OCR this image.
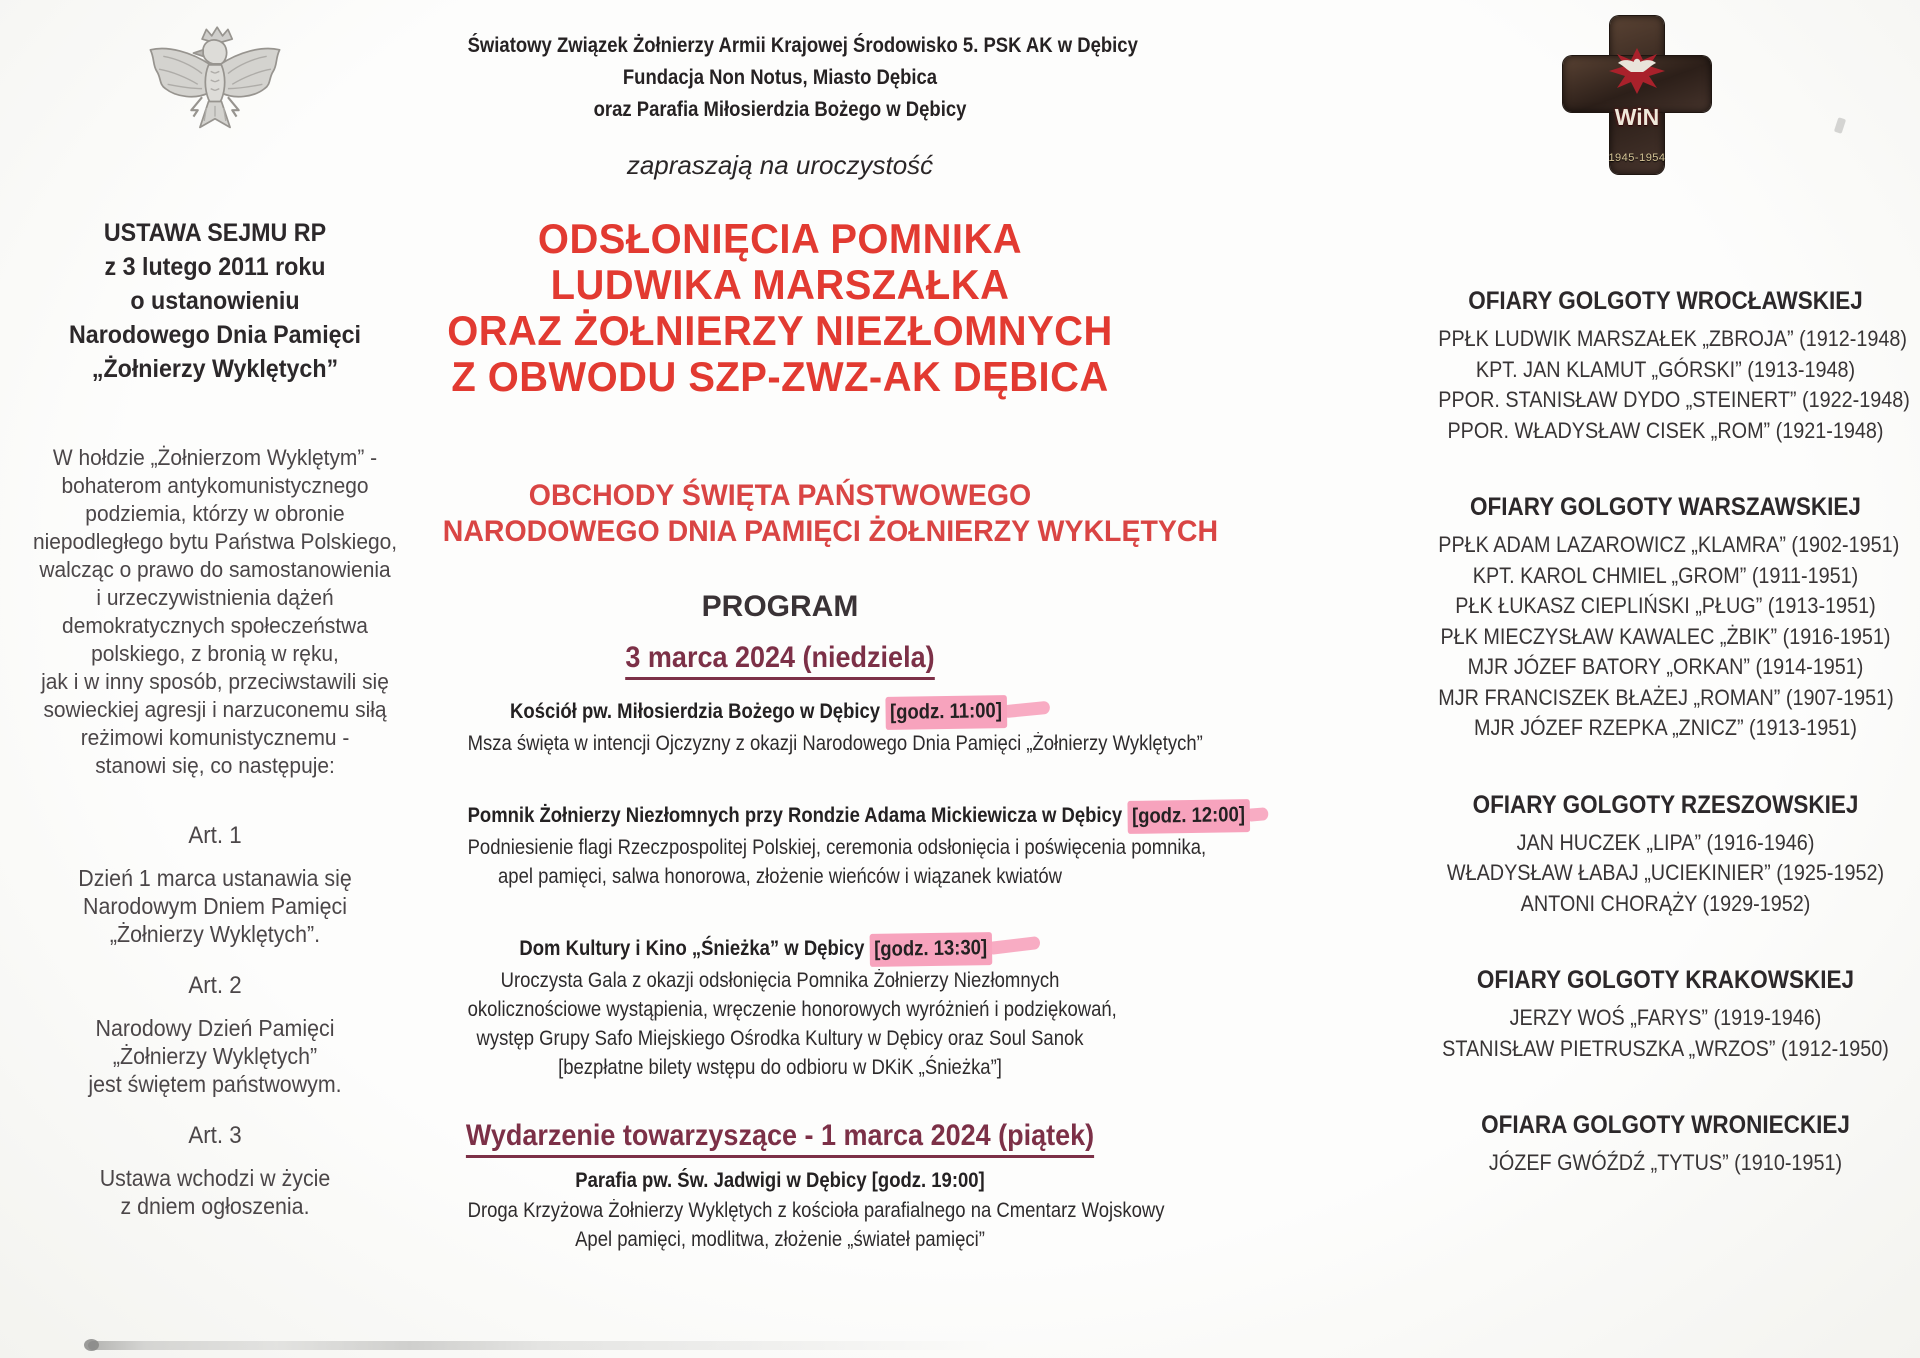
USTAWA SEJMU RP
z 3 lutego 2011 roku
o ustanowieniu
Narodowego Dnia Pamięci
„Żołnierzy Wyklętych”
W hołdzie „Żołnierzom Wyklętym” -
bohaterom antykomunistycznego
podziemia, którzy w obronie
niepodległego bytu Państwa Polskiego,
walcząc o prawo do samostanowienia
i urzeczywistnienia dążeń
demokratycznych społeczeństwa
polskiego, z bronią w ręku,
jak i w inny sposób, przeciwstawili się
sowieckiej agresji i narzuconemu siłą
reżimowi komunistycznemu -
stanowi się, co następuje:
Art. 1
Dzień 1 marca ustanawia się
Narodowym Dniem Pamięci
„Żołnierzy Wyklętych”.
Art. 2
Narodowy Dzień Pamięci
„Żołnierzy Wyklętych”
jest świętem państwowym.
Art. 3
Ustawa wchodzi w życie
z dniem ogłoszenia.
Światowy Związek Żołnierzy Armii Krajowej Środowisko 5. PSK AK w Dębicy
Fundacja Non Notus, Miasto Dębica
oraz Parafia Miłosierdzia Bożego w Dębicy
zapraszają na uroczystość
ODSŁONIĘCIA POMNIKA
LUDWIKA MARSZAŁKA
ORAZ ŻOŁNIERZY NIEZŁOMNYCH
Z OBWODU SZP-ZWZ-AK DĘBICA
OBCHODY ŚWIĘTA PAŃSTWOWEGO
NARODOWEGO DNIA PAMIĘCI ŻOŁNIERZY WYKLĘTYCH
PROGRAM
3 marca 2024 (niedziela)
Kościół pw. Miłosierdzia Bożego w Dębicy [godz. 11:00]
Msza święta w intencji Ojczyzny z okazji Narodowego Dnia Pamięci „Żołnierzy Wyklętych”
Pomnik Żołnierzy Niezłomnych przy Rondzie Adama Mickiewicza w Dębicy [godz. 12:00]
Podniesienie flagi Rzeczpospolitej Polskiej, ceremonia odsłonięcia i poświęcenia pomnika,
apel pamięci, salwa honorowa, złożenie wieńców i wiązanek kwiatów
Dom Kultury i Kino „Śnieżka” w Dębicy [godz. 13:30]
Uroczysta Gala z okazji odsłonięcia Pomnika Żołnierzy Niezłomnych
okolicznościowe wystąpienia, wręczenie honorowych wyróżnień i podziękowań,
występ Grupy Safo Miejskiego Ośrodka Kultury w Dębicy oraz Soul Sanok
[bezpłatne bilety wstępu do odbioru w DKiK „Śnieżka”]
Wydarzenie towarzyszące - 1 marca 2024 (piątek)
Parafia pw. Św. Jadwigi w Dębicy [godz. 19:00]
Droga Krzyżowa Żołnierzy Wyklętych z kościoła parafialnego na Cmentarz Wojskowy
Apel pamięci, modlitwa, złożenie „świateł pamięci”
WiN
1945-1954
OFIARY GOLGOTY WROCŁAWSKIEJ
PPŁK LUDWIK MARSZAŁEK „ZBROJA” (1912-1948)
KPT. JAN KLAMUT „GÓRSKI” (1913-1948)
PPOR. STANISŁAW DYDO „STEINERT” (1922-1948)
PPOR. WŁADYSŁAW CISEK „ROM” (1921-1948)
OFIARY GOLGOTY WARSZAWSKIEJ
PPŁK ADAM LAZAROWICZ „KLAMRA” (1902-1951)
KPT. KAROL CHMIEL „GROM” (1911-1951)
PŁK ŁUKASZ CIEPLIŃSKI „PŁUG” (1913-1951)
PŁK MIECZYSŁAW KAWALEC „ŻBIK” (1916-1951)
MJR JÓZEF BATORY „ORKAN” (1914-1951)
MJR FRANCISZEK BŁAŻEJ „ROMAN” (1907-1951)
MJR JÓZEF RZEPKA „ZNICZ” (1913-1951)
OFIARY GOLGOTY RZESZOWSKIEJ
JAN HUCZEK „LIPA” (1916-1946)
WŁADYSŁAW ŁABAJ „UCIEKINIER” (1925-1952)
ANTONI CHORĄŻY (1929-1952)
OFIARY GOLGOTY KRAKOWSKIEJ
JERZY WOŚ „FARYS” (1919-1946)
STANISŁAW PIETRUSZKA „WRZOS” (1912-1950)
OFIARA GOLGOTY WRONIECKIEJ
JÓZEF GWÓŹDŹ „TYTUS” (1910-1951)
